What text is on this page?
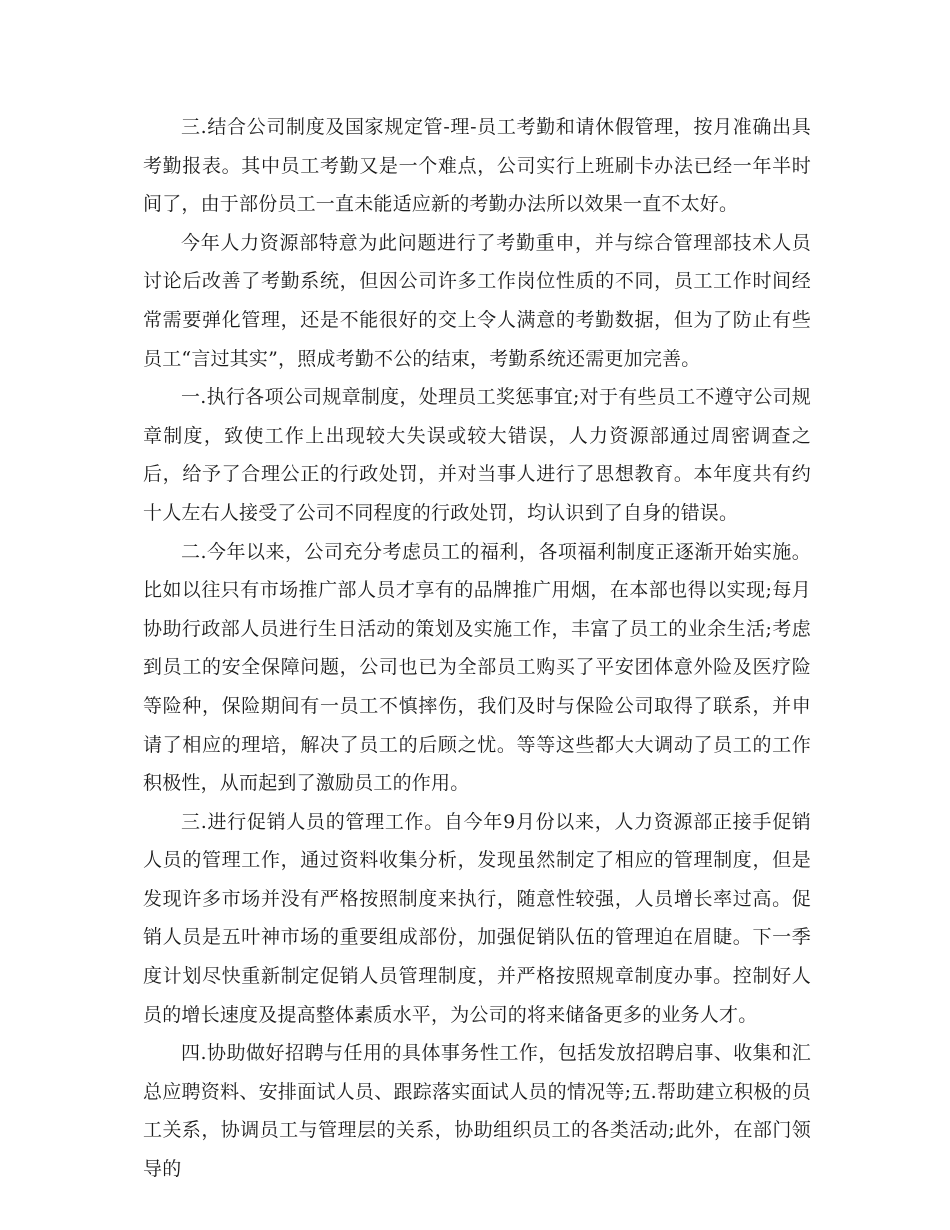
三.结合公司制度及国家规定管-理-员工考勤和请休假管理，按月准确出具考勤报表。其中员工考勤又是一个难点，公司实行上班刷卡办法已经一年半时间了，由于部份员工一直未能适应新的考勤办法所以效果一直不太好。

今年人力资源部特意为此问题进行了考勤重申，并与综合管理部技术人员讨论后改善了考勤系统，但因公司许多工作岗位性质的不同，员工工作时间经常需要弹化管理，还是不能很好的交上令人满意的考勤数据，但为了防止有些员工“言过其实”，照成考勤不公的结束，考勤系统还需更加完善。

一.执行各项公司规章制度，处理员工奖惩事宜;对于有些员工不遵守公司规章制度，致使工作上出现较大失误或较大错误，人力资源部通过周密调查之后，给予了合理公正的行政处罚，并对当事人进行了思想教育。本年度共有约十人左右人接受了公司不同程度的行政处罚，均认识到了自身的错误。

二.今年以来，公司充分考虑员工的福利，各项福利制度正逐渐开始实施。比如以往只有市场推广部人员才享有的品牌推广用烟，在本部也得以实现;每月协助行政部人员进行生日活动的策划及实施工作，丰富了员工的业余生活;考虑到员工的安全保障问题，公司也已为全部员工购买了平安团体意外险及医疗险等险种，保险期间有一员工不慎摔伤，我们及时与保险公司取得了联系，并申请了相应的理培，解决了员工的后顾之忧。等等这些都大大调动了员工的工作积极性，从而起到了激励员工的作用。

三.进行促销人员的管理工作。自今年9月份以来，人力资源部正接手促销人员的管理工作，通过资料收集分析，发现虽然制定了相应的管理制度，但是发现许多市场并没有严格按照制度来执行，随意性较强，人员增长率过高。促销人员是五叶神市场的重要组成部份，加强促销队伍的管理迫在眉睫。下一季度计划尽快重新制定促销人员管理制度，并严格按照规章制度办事。控制好人员的增长速度及提高整体素质水平，为公司的将来储备更多的业务人才。

四.协助做好招聘与任用的具体事务性工作，包括发放招聘启事、收集和汇总应聘资料、安排面试人员、跟踪落实面试人员的情况等;五.帮助建立积极的员工关系，协调员工与管理层的关系，协助组织员工的各类活动;此外，在部门领导的
